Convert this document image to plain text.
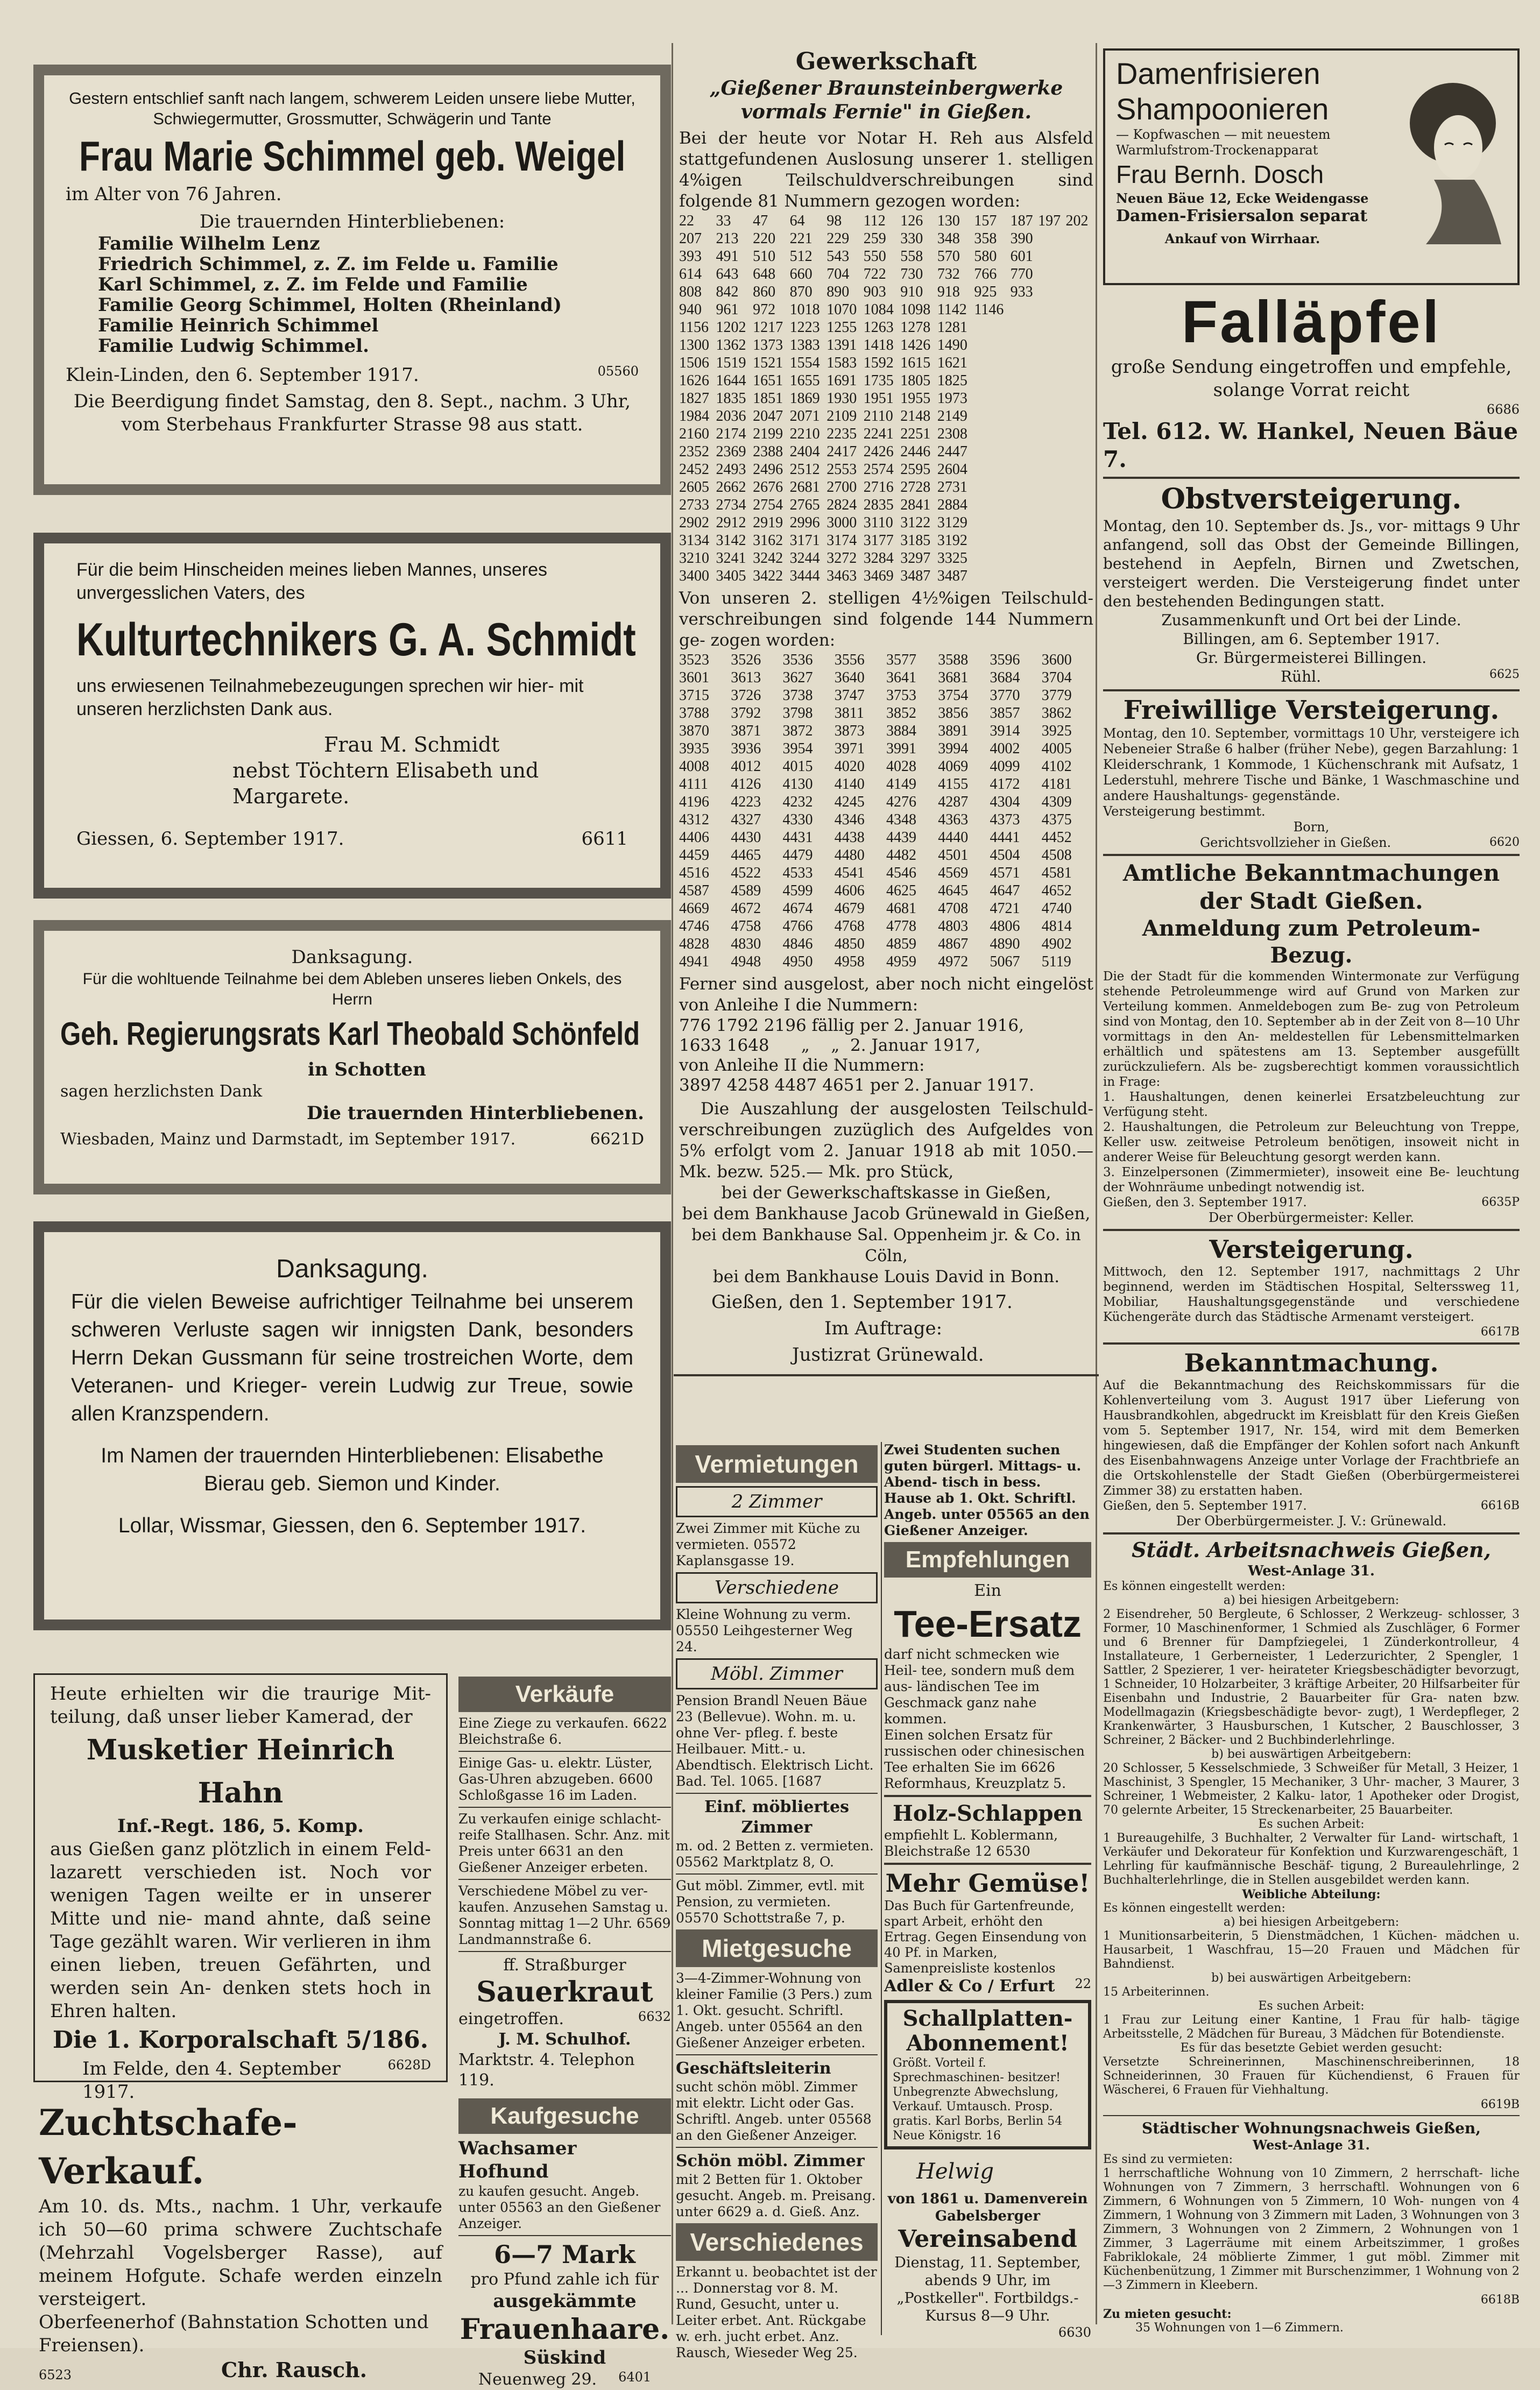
Gestern entschlief sanft nach langem, schwerem Leiden unsere liebe Mutter, Schwiegermutter, Grossmutter, Schwägerin und Tante
Frau Marie Schimmel geb. Weigel
im Alter von 76 Jahren.
Die trauernden Hinterbliebenen:
Familie Wilhelm Lenz
Friedrich Schimmel, z. Z. im Felde u. Familie
Karl Schimmel, z. Z. im Felde und Familie
Familie Georg Schimmel, Holten (Rheinland)
Familie Heinrich Schimmel
Familie Ludwig Schimmel.
Klein-Linden, den 6. September 1917.	05560
Die Beerdigung findet Samstag, den 8. Sept., nachm. 3 Uhr, vom Sterbehaus Frankfurter Strasse 98 aus statt.
Für die beim Hinscheiden meines lieben Mannes, unseres unvergesslichen Vaters, des
Kulturtechnikers G. A. Schmidt
uns erwiesenen Teilnahmebezeugungen sprechen wir hier- mit unseren herzlichsten Dank aus.
Frau M. Schmidt
nebst Töchtern Elisabeth und Margarete.
Giessen, 6. September 1917.	6611
Danksagung.
Für die wohltuende Teilnahme bei dem Ableben unseres lieben Onkels, des Herrn
Geh. Regierungsrats Karl Theobald Schönfeld
in Schotten
sagen herzlichsten Dank
Die trauernden Hinterbliebenen.
Wiesbaden, Mainz und Darmstadt, im September 1917.	6621D
Danksagung.
Für die vielen Beweise aufrichtiger Teilnahme bei unserem schweren Verluste sagen wir innigsten Dank, besonders Herrn Dekan Gussmann für seine trostreichen Worte, dem Veteranen- und Krieger- verein Ludwig zur Treue, sowie allen Kranzspendern.
Im Namen der trauernden Hinterbliebenen: Elisabethe Bierau geb. Siemon und Kinder.
Lollar, Wissmar, Giessen, den 6. September 1917.
Heute erhielten wir die traurige Mit- teilung, daß unser lieber Kamerad, der
Musketier Heinrich Hahn
Inf.-Regt. 186, 5. Komp.
aus Gießen ganz plötzlich in einem Feld- lazarett verschieden ist. Noch vor wenigen Tagen weilte er in unserer Mitte und nie- mand ahnte, daß seine Tage gezählt waren. Wir verlieren in ihm einen lieben, treuen Gefährten, und werden sein An- denken stets hoch in Ehren halten.
Die 1. Korporalschaft 5/186.
Im Felde, den 4. September 1917.
6628D
Zuchtschafe-Verkauf.
Am 10. ds. Mts., nachm. 1 Uhr, verkaufe ich 50—60 prima schwere Zuchtschafe (Mehrzahl Vogelsberger Rasse), auf meinem Hofgute. Schafe werden einzeln versteigert.
Oberfeenerhof (Bahnstation Schotten und Freiensen).
6523	Chr. Rausch.
Verkäufe
Eine Ziege zu verkaufen. 6622 Bleichstraße 6.
Einige Gas- u. elektr. Lüster, Gas-Uhren abzugeben. 6600 Schloßgasse 16 im Laden.
Zu verkaufen einige schlacht- reife Stallhasen. Schr. Anz. mit Preis unter 6631 an den Gießener Anzeiger erbeten.
Verschiedene Möbel zu ver- kaufen. Anzusehen Samstag u. Sonntag mittag 1—2 Uhr. 6569 Landmannstraße 6.
ff. Straßburger
Sauerkraut
eingetroffen.	6632
J. M. Schulhof.
Marktstr. 4. Telephon 119.
Kaufgesuche
Wachsamer Hofhund
zu kaufen gesucht. Angeb. unter 05563 an den Gießener Anzeiger.
6—7 Mark
pro Pfund zahle ich für
ausgekämmte
Frauenhaare.
Süskind
Neuenweg 29. 6401
Gewerkschaft
„Gießener Braunsteinbergwerke vormals Fernie" in Gießen.
Bei der heute vor Notar H. Reh aus Alsfeld stattgefundenen Auslosung unserer 1. stelligen 4%igen Teilschuldverschreibungen sind folgende 81 Nummern gezogen worden:
22	33	47	64	98	112	126	130	157	187	197	202
207	213	220	221	229	259	330	348	358	390		
393	491	510	512	543	550	558	570	580	601		
614	643	648	660	704	722	730	732	766	770		
808	842	860	870	890	903	910	918	925	933		
940	961	972	1018	1070	1084	1098	1142	1146			
1156	1202	1217	1223	1255	1263	1278	1281				
1300	1362	1373	1383	1391	1418	1426	1490				
1506	1519	1521	1554	1583	1592	1615	1621				
1626	1644	1651	1655	1691	1735	1805	1825				
1827	1835	1851	1869	1930	1951	1955	1973				
1984	2036	2047	2071	2109	2110	2148	2149				
2160	2174	2199	2210	2235	2241	2251	2308				
2352	2369	2388	2404	2417	2426	2446	2447				
2452	2493	2496	2512	2553	2574	2595	2604				
2605	2662	2676	2681	2700	2716	2728	2731				
2733	2734	2754	2765	2824	2835	2841	2884				
2902	2912	2919	2996	3000	3110	3122	3129				
3134	3142	3162	3171	3174	3177	3185	3192				
3210	3241	3242	3244	3272	3284	3297	3325				
3400	3405	3422	3444	3463	3469	3487	3487				
Von unseren 2. stelligen 4½%igen Teilschuld- verschreibungen sind folgende 144 Nummern ge- zogen worden:
3523	3526	3536	3556	3577	3588	3596	3600
3601	3613	3627	3640	3641	3681	3684	3704
3715	3726	3738	3747	3753	3754	3770	3779
3788	3792	3798	3811	3852	3856	3857	3862
3870	3871	3872	3873	3884	3891	3914	3925
3935	3936	3954	3971	3991	3994	4002	4005
4008	4012	4015	4020	4028	4069	4099	4102
4111	4126	4130	4140	4149	4155	4172	4181
4196	4223	4232	4245	4276	4287	4304	4309
4312	4327	4330	4346	4348	4363	4373	4375
4406	4430	4431	4438	4439	4440	4441	4452
4459	4465	4479	4480	4482	4501	4504	4508
4516	4522	4533	4541	4546	4569	4571	4581
4587	4589	4599	4606	4625	4645	4647	4652
4669	4672	4674	4679	4681	4708	4721	4740
4746	4758	4766	4768	4778	4803	4806	4814
4828	4830	4846	4850	4859	4867	4890	4902
4941	4948	4950	4958	4959	4972	5067	5119
Ferner sind ausgelost, aber noch nicht eingelöst von Anleihe I die Nummern:
776 1792 2196 fällig per 2. Januar 1916,
1633 1648      „    „  2. Januar 1917,
von Anleihe II die Nummern:
3897 4258 4487 4651 per 2. Januar 1917.
Die Auszahlung der ausgelosten Teilschuld- verschreibungen zuzüglich des Aufgeldes von 5% erfolgt vom 2. Januar 1918 ab mit 1050.— Mk. bezw. 525.— Mk. pro Stück,
bei der Gewerkschaftskasse in Gießen,
bei dem Bankhause Jacob Grünewald in Gießen,
bei dem Bankhause Sal. Oppenheim jr. & Co. in Cöln,
bei dem Bankhause Louis David in Bonn.
Gießen, den 1. September 1917.
Im Auftrage:
Justizrat Grünewald.
Vermietungen
2 Zimmer
Zwei Zimmer mit Küche zu vermieten. 05572 Kaplansgasse 19.
Verschiedene
Kleine Wohnung zu verm. 05550 Leihgesterner Weg 24.
Möbl. Zimmer
Pension Brandl Neuen Bäue 23 (Bellevue). Wohn. m. u. ohne Ver- pfleg. f. beste Heilbauer. Mitt.- u. Abendtisch. Elektrisch Licht. Bad. Tel. 1065. [1687
Einf. möbliertes Zimmer
m. od. 2 Betten z. vermieten. 05562 Marktplatz 8, O.
Gut möbl. Zimmer, evtl. mit Pension, zu vermieten. 05570 Schottstraße 7, p.
Mietgesuche
3—4-Zimmer-Wohnung von kleiner Familie (3 Pers.) zum 1. Okt. gesucht. Schriftl. Angeb. unter 05564 an den Gießener Anzeiger erbeten.
Geschäftsleiterin
sucht schön möbl. Zimmer mit elektr. Licht oder Gas. Schriftl. Angeb. unter 05568 an den Gießener Anzeiger.
Schön möbl. Zimmer
mit 2 Betten für 1. Oktober gesucht. Angeb. m. Preisang. unter 6629 a. d. Gieß. Anz.
Verschiedenes
Erkannt u. beobachtet ist der ... Donnerstag vor 8. M. Rund, Gesucht, unter u. Leiter erbet. Ant. Rückgabe w. erh. jucht erbet. Anz. Rausch, Wieseder Weg 25.
Zwei Studenten suchen guten bürgerl. Mittags- u. Abend- tisch in bess. Hause ab 1. Okt. Schriftl. Angeb. unter 05565 an den Gießener Anzeiger.
Empfehlungen
Ein
Tee-Ersatz
darf nicht schmecken wie Heil- tee, sondern muß dem aus- ländischen Tee im Geschmack ganz nahe kommen.
Einen solchen Ersatz für russischen oder chinesischen Tee erhalten Sie im 6626 Reformhaus, Kreuzplatz 5.
Holz-Schlappen
empfiehlt L. Koblermann, Bleichstraße 12 6530
Mehr Gemüse!
Das Buch für Gartenfreunde, spart Arbeit, erhöht den Ertrag. Gegen Einsendung von 40 Pf. in Marken, Samenpreisliste kostenlos
Adler & Co / Erfurt 22
Schallplatten-Abonnement!
Größt. Vorteil f. Sprechmaschinen- besitzer! Unbegrenzte Abwechslung, Verkauf. Umtausch. Prosp. gratis. Karl Borbs, Berlin 54 Neue Königstr. 16
Helwig
von 1861 u. Damenverein Gabelsberger
Vereinsabend
Dienstag, 11. September, abends 9 Uhr, im „Postkeller". Fortbildgs.-Kursus 8—9 Uhr.
6630
Damenfrisieren
Shampoonieren
— Kopfwaschen — mit neuestem Warmlufstrom-Trockenapparat
Frau Bernh. Dosch
Neuen Bäue 12, Ecke Weidengasse
Damen-Frisiersalon separat
Ankauf von Wirrhaar.
Falläpfel
große Sendung eingetroffen und empfehle, solange Vorrat reicht
6686
Tel. 612. W. Hankel, Neuen Bäue 7.
Obstversteigerung.
Montag, den 10. September ds. Js., vor- mittags 9 Uhr anfangend, soll das Obst der Gemeinde Billingen, bestehend in Aepfeln, Birnen und Zwetschen, versteigert werden. Die Versteigerung findet unter den bestehenden Bedingungen statt.
Zusammenkunft und Ort bei der Linde.
Billingen, am 6. September 1917.
Gr. Bürgermeisterei Billingen.
Rühl.	6625
Freiwillige Versteigerung.
Montag, den 10. September, vormittags 10 Uhr, versteigere ich Nebeneier Straße 6 halber (früher Nebe), gegen Barzahlung: 1 Kleiderschrank, 1 Kommode, 1 Küchenschrank mit Aufsatz, 1 Lederstuhl, mehrere Tische und Bänke, 1 Waschmaschine und andere Haushaltungs- gegenstände.
Versteigerung bestimmt.
Born,
Gerichtsvollzieher in Gießen.	6620
Amtliche Bekanntmachungen der Stadt Gießen.
Anmeldung zum Petroleum-Bezug.
Die der Stadt für die kommenden Wintermonate zur Verfügung stehende Petroleummenge wird auf Grund von Marken zur Verteilung kommen. Anmeldebogen zum Be- zug von Petroleum sind von Montag, den 10. September ab in der Zeit von 8—10 Uhr vormittags in den An- meldestellen für Lebensmittelmarken erhältlich und spätestens am 13. September ausgefüllt zurückzuliefern. Als be- zugsberechtigt kommen voraussichtlich in Frage:
1. Haushaltungen, denen keinerlei Ersatzbeleuchtung zur Verfügung steht.
2. Haushaltungen, die Petroleum zur Beleuchtung von Treppe, Keller usw. zeitweise Petroleum benötigen, insoweit nicht in anderer Weise für Beleuchtung gesorgt werden kann.
3. Einzelpersonen (Zimmermieter), insoweit eine Be- leuchtung der Wohnräume unbedingt notwendig ist.
Gießen, den 3. September 1917.	6635P
Der Oberbürgermeister: Keller.
Versteigerung.
Mittwoch, den 12. September 1917, nachmittags 2 Uhr beginnend, werden im Städtischen Hospital, Selterssweg 11, Mobiliar, Haushaltungsgegenstände und verschiedene Küchengeräte durch das Städtische Armenamt versteigert.
6617B
Bekanntmachung.
Auf die Bekanntmachung des Reichskommissars für die Kohlenverteilung vom 3. August 1917 über Lieferung von Hausbrandkohlen, abgedruckt im Kreisblatt für den Kreis Gießen vom 5. September 1917, Nr. 154, wird mit dem Bemerken hingewiesen, daß die Empfänger der Kohlen sofort nach Ankunft des Eisenbahnwagens Anzeige unter Vorlage der Frachtbriefe an die Ortskohlenstelle der Stadt Gießen (Oberbürgermeisterei Zimmer 38) zu erstatten haben.
Gießen, den 5. September 1917.	6616B
Der Oberbürgermeister. J. V.: Grünewald.
Städt. Arbeitsnachweis Gießen,
West-Anlage 31.
Es können eingestellt werden:
a) bei hiesigen Arbeitgebern:
2 Eisendreher, 50 Bergleute, 6 Schlosser, 2 Werkzeug- schlosser, 3 Former, 10 Maschinenformer, 1 Schmied als Zuschläger, 6 Former und 6 Brenner für Dampfziegelei, 1 Zünderkontrolleur, 4 Installateure, 1 Gerberneister, 1 Lederzurichter, 2 Spengler, 1 Sattler, 2 Spezierer, 1 ver- heirateter Kriegsbeschädigter bevorzugt, 1 Schneider, 10 Holzarbeiter, 3 kräftige Arbeiter, 20 Hilfsarbeiter für Eisenbahn und Industrie, 2 Bauarbeiter für Gra- naten bzw. Modellmagazin (Kriegsbeschädigte bevor- zugt), 1 Werdepfleger, 2 Krankenwärter, 3 Hausburschen, 1 Kutscher, 2 Bauschlosser, 3 Schreiner, 2 Bäcker- und 2 Buchbinderlehrlinge.
b) bei auswärtigen Arbeitgebern:
20 Schlosser, 5 Kesselschmiede, 3 Schweißer für Metall, 3 Heizer, 1 Maschinist, 3 Spengler, 15 Mechaniker, 3 Uhr- macher, 3 Maurer, 3 Schreiner, 1 Webmeister, 2 Kalku- lator, 1 Apotheker oder Drogist, 70 gelernte Arbeiter, 15 Streckenarbeiter, 25 Bauarbeiter.
Es suchen Arbeit:
1 Bureaugehilfe, 3 Buchhalter, 2 Verwalter für Land- wirtschaft, 1 Verkäufer und Dekorateur für Konfektion und Kurzwarengeschäft, 1 Lehrling für kaufmännische Beschäf- tigung, 2 Bureaulehrlinge, 2 Buchhalterlehrlinge, die in Stellen ausgebildet werden kann.
Weibliche Abteilung:
Es können eingestellt werden:
a) bei hiesigen Arbeitgebern:
1 Munitionsarbeiterin, 5 Dienstmädchen, 1 Küchen- mädchen u. Hausarbeit, 1 Waschfrau, 15—20 Frauen und Mädchen für Bahndienst.
b) bei auswärtigen Arbeitgebern:
15 Arbeiterinnen.
Es suchen Arbeit:
1 Frau zur Leitung einer Kantine, 1 Frau für halb- tägige Arbeitsstelle, 2 Mädchen für Bureau, 3 Mädchen für Botendienste.
Es für das besetzte Gebiet werden gesucht:
Versetzte Schreinerinnen, Maschinenschreiberinnen, 18 Schneiderinnen, 30 Frauen für Küchendienst, 6 Frauen für Wäscherei, 6 Frauen für Viehhaltung.
6619B
Städtischer Wohnungsnachweis Gießen,
West-Anlage 31.
Es sind zu vermieten:
1 herrschaftliche Wohnung von 10 Zimmern, 2 herrschaft- liche Wohnungen von 7 Zimmern, 3 herrschaftl. Wohnungen von 6 Zimmern, 6 Wohnungen von 5 Zimmern, 10 Woh- nungen von 4 Zimmern, 1 Wohnung von 3 Zimmern mit Laden, 3 Wohnungen von 3 Zimmern, 3 Wohnungen von 2 Zimmern, 2 Wohnungen von 1 Zimmer, 3 Lagerräume mit einem Arbeitszimmer, 1 großes Fabriklokale, 24 möblierte Zimmer, 1 gut möbl. Zimmer mit Küchenbenützung, 1 Zimmer mit Burschenzimmer, 1 Wohnung von 2—3 Zimmern in Kleebern.
6618B
Zu mieten gesucht:
35 Wohnungen von 1—6 Zimmern.
